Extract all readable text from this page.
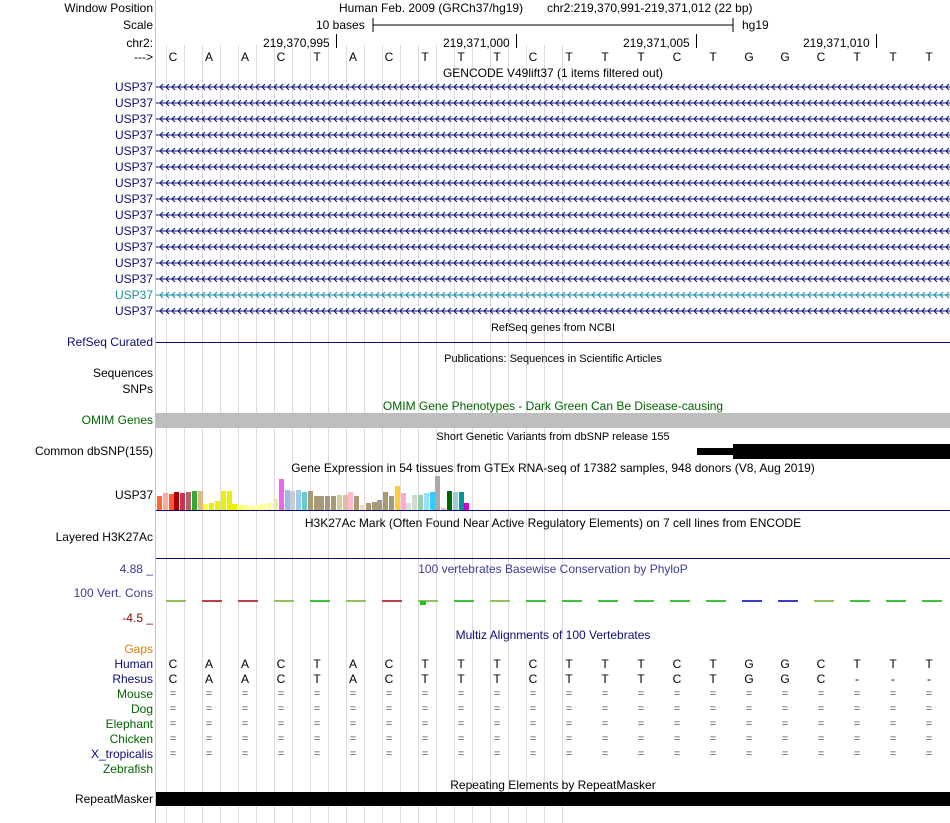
Window Position	Human Feb. 2009 (GRCh37/hg19) chr2:219,370,991-219,371,012 (22 bp)
Scale	10 bases	hg19
chr2:	219,370,995	219,371,000	219,371,005	219,371,010
--->	C	A	A	C	T	A	C	T	T	T	C	T	T	T	C	T	G	G	C	T	T	T
GENCODE V49lift37 (1 items filtered out)
USP37
USP37
USP37
USP37
USP37
USP37
USP37
USP37
USP37
USP37
USP37
USP37
USP37
USP37
USP37
RefSeq genes from NCBI
RefSeq Curated
Publications: Sequences in Scientific Articles
Sequences
SNPs
OMIM Gene Phenotypes - Dark Green Can Be Disease-causing
OMIM Genes
Short Genetic Variants from dbSNP release 155
Common dbSNP(155)
Gene Expression in 54 tissues from GTEx RNA-seq of 17382 samples, 948 donors (V8, Aug 2019)
USP37
H3K27Ac Mark (Often Found Near Active Regulatory Elements) on 7 cell lines from ENCODE
Layered H3K27Ac
100 vertebrates Basewise Conservation by PhyloP
4.88 _
100 Vert. Cons
-4.5 _
Multiz Alignments of 100 Vertebrates
Gaps
Human	C	A	A	C	T	A	C	T	T	T	C	T	T	T	C	T	G	G	C	T	T	T
Rhesus	C	A	A	C	T	A	C	T	T	T	C	T	T	T	C	T	G	G	C	-	-	-
Mouse	=	=	=	=	=	=	=	=	=	=	=	=	=	=	=	=	=	=	=	=	=	=
Dog	=	=	=	=	=	=	=	=	=	=	=	=	=	=	=	=	=	=	=	=	=	=
Elephant	=	=	=	=	=	=	=	=	=	=	=	=	=	=	=	=	=	=	=	=	=	=
Chicken	=	=	=	=	=	=	=	=	=	=	=	=	=	=	=	=	=	=	=	=	=	=
X_tropicalis	=	=	=	=	=	=	=	=	=	=	=	=	=	=	=	=	=	=	=	=	=	=
Zebrafish
Repeating Elements by RepeatMasker
RepeatMasker
